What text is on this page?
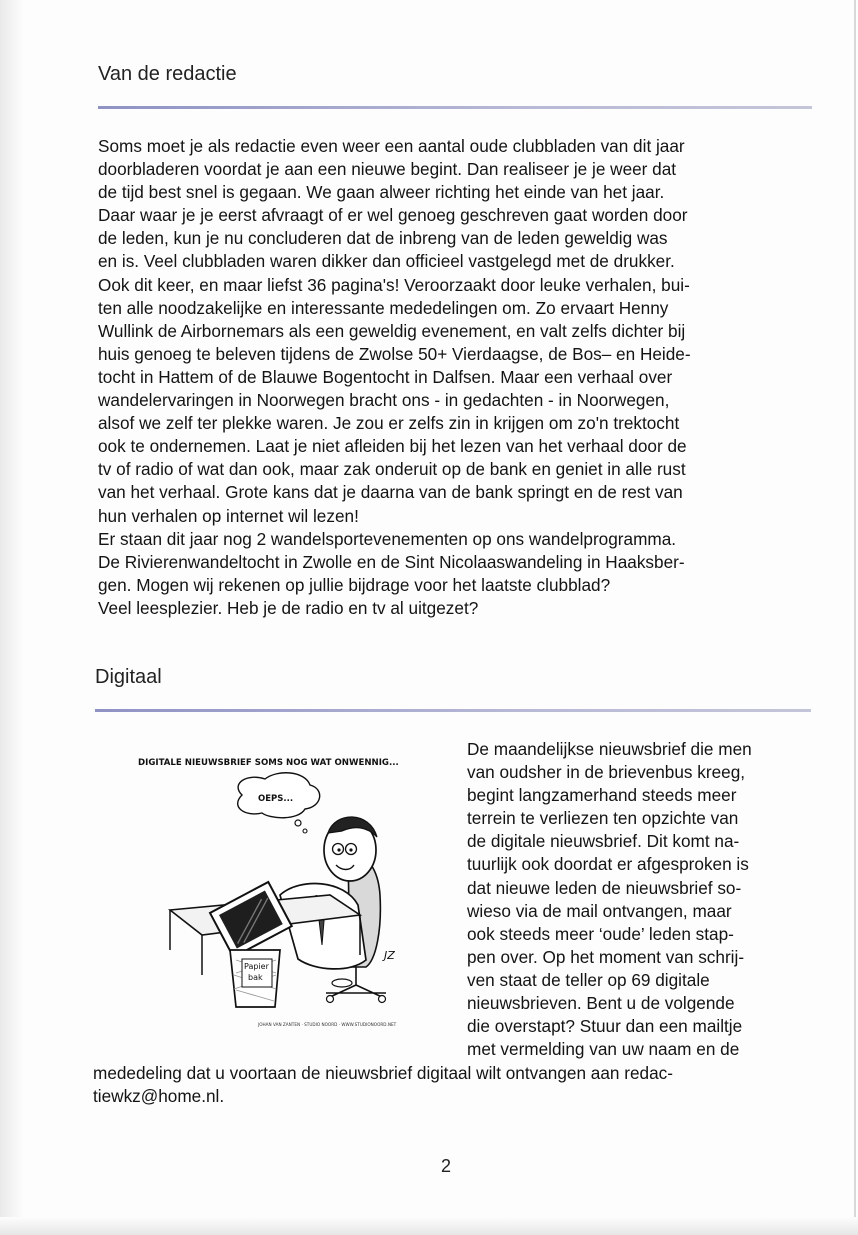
Van de redactie
Soms moet je als redactie even weer een aantal oude clubbladen van dit jaar
doorbladeren voordat je aan een nieuwe begint. Dan realiseer je je weer dat
de tijd best snel is gegaan. We gaan alweer richting het einde van het jaar.
Daar waar je je eerst afvraagt of er wel genoeg geschreven gaat worden door
de leden, kun je nu concluderen dat de inbreng van de leden geweldig was
en is. Veel clubbladen waren dikker dan officieel vastgelegd met de drukker.
Ook dit keer, en maar liefst 36 pagina's! Veroorzaakt door leuke verhalen, bui-
ten alle noodzakelijke en interessante mededelingen om. Zo ervaart Henny
Wullink de Airbornemars als een geweldig evenement, en valt zelfs dichter bij
huis genoeg te beleven tijdens de Zwolse 50+ Vierdaagse, de Bos– en Heide-
tocht in Hattem of de Blauwe Bogentocht in Dalfsen. Maar een verhaal over
wandelervaringen in Noorwegen bracht ons - in gedachten - in Noorwegen,
alsof we zelf ter plekke waren. Je zou er zelfs zin in krijgen om zo'n trektocht
ook te ondernemen. Laat je niet afleiden bij het lezen van het verhaal door de
tv of radio of wat dan ook, maar zak onderuit op de bank en geniet in alle rust
van het verhaal. Grote kans dat je daarna van de bank springt en de rest van
hun verhalen op internet wil lezen!
Er staan dit jaar nog 2 wandelsportevenementen op ons wandelprogramma.
De Rivierenwandeltocht in Zwolle en de Sint Nicolaaswandeling in Haaksber-
gen. Mogen wij rekenen op jullie bijdrage voor het laatste clubblad?
Veel leesplezier. Heb je de radio en tv al uitgezet?
Digitaal
DIGITALE NIEUWSBRIEF SOMS NOG WAT ONWENNIG...
OEPS...
Papier
bak
JZ
JOHAN VAN ZANTEN · STUDIO NOORD · WWW.STUDIONOORD.NET
De maandelijkse nieuwsbrief die men
van oudsher in de brievenbus kreeg,
begint langzamerhand steeds meer
terrein te verliezen ten opzichte van
de digitale nieuwsbrief. Dit komt na-
tuurlijk ook doordat er afgesproken is
dat nieuwe leden de nieuwsbrief so-
wieso via de mail ontvangen, maar
ook steeds meer ‘oude’ leden stap-
pen over. Op het moment van schrij-
ven staat de teller op 69 digitale
nieuwsbrieven. Bent u de volgende
die overstapt? Stuur dan een mailtje
met vermelding van uw naam en de
mededeling dat u voortaan de nieuwsbrief digitaal wilt ontvangen aan redac-
tiewkz@home.nl.
2
